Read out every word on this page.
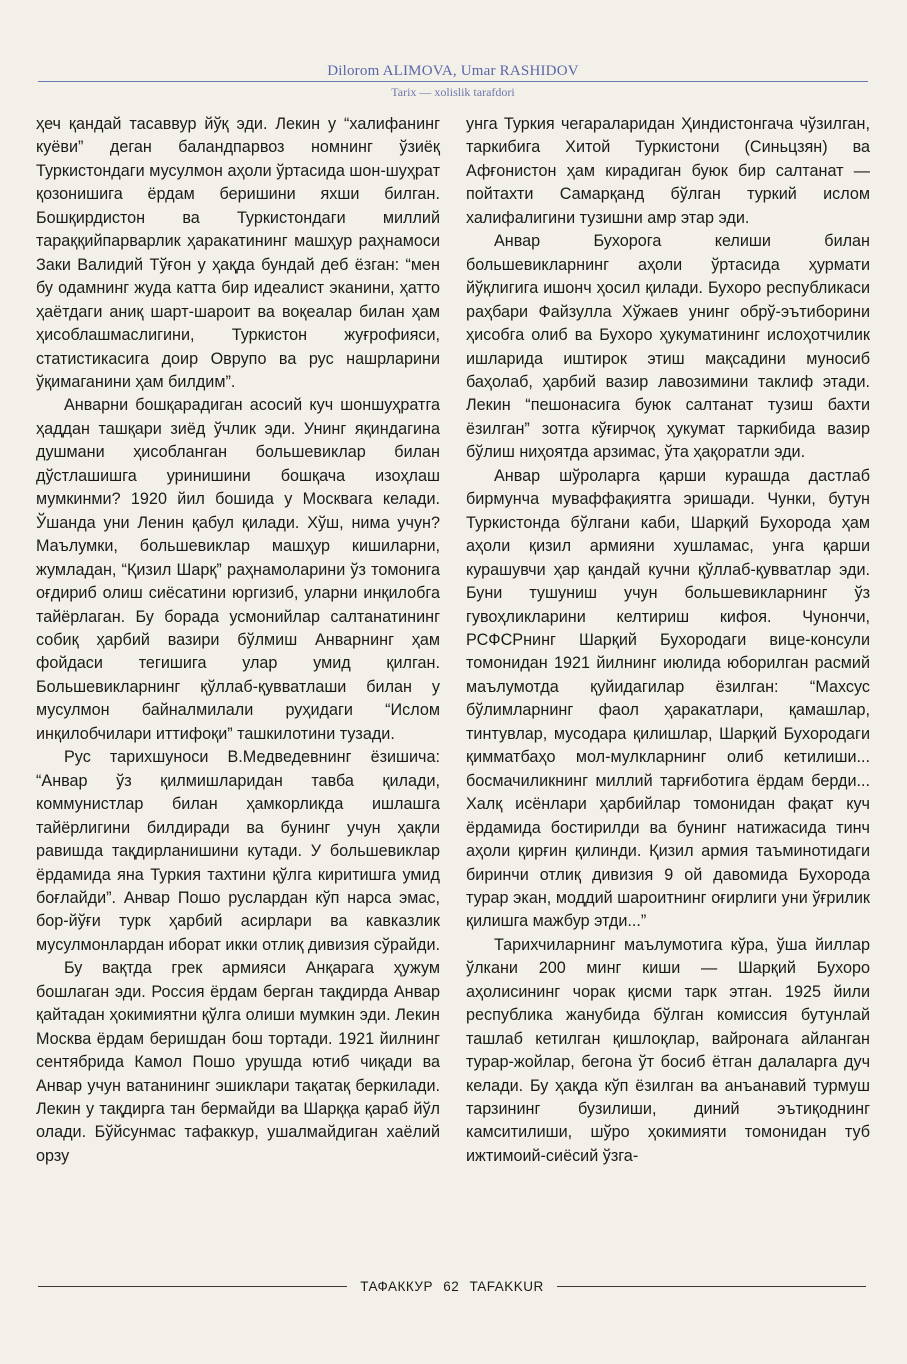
Dilorom ALIMOVA, Umar RASHIDOV
Tarix — xolislik tarafdori

ҳеч қандай тасаввур йўқ эди. Лекин у “халифанинг куёви” деган баландпарвоз номнинг ўзиёқ Туркистондаги мусулмон аҳоли ўртасида шон-шуҳрат қозонишига ёрдам беришини яхши билган. Бошқирдистон ва Туркистондаги миллий тараққийпарварлик ҳаракатининг машҳур раҳнамоси Заки Валидий Тўғон у ҳақда бундай деб ёзган: “мен бу одамнинг жуда катта бир идеалист эканини, ҳатто ҳаётдаги аниқ шарт-шароит ва воқеалар билан ҳам ҳисоблашмаслигини, Туркистон жуғрофияси, статистикасига доир Оврупо ва рус нашрларини ўқимаганини ҳам билдим”.

Анварни бошқарадиган асосий куч шоншуҳратга ҳаддан ташқари зиёд ўчлик эди. Унинг яқиндагина душмани ҳисобланган большевиклар билан дўстлашишга уринишини бошқача изоҳлаш мумкинми? 1920 йил бошида у Москвага келади. Ўшанда уни Ленин қабул қилади. Хўш, нима учун? Маълумки, большевиклар машҳур кишиларни, жумладан, “Қизил Шарқ” раҳнамоларини ўз томонига оғдириб олиш сиёсатини юргизиб, уларни инқилобга тайёрлаган. Бу борада усмонийлар салтанатининг собиқ ҳарбий вазири бўлмиш Анварнинг ҳам фойдаси тегишига улар умид қилган. Большевикларнинг қўллаб-қувватлаши билан у мусулмон байналмилали руҳидаги “Ислом инқилобчилари иттифоқи” ташкилотини тузади.

Рус тарихшуноси В.Медведевнинг ёзишича: “Анвар ўз қилмишларидан тавба қилади, коммунистлар билан ҳамкорликда ишлашга тайёрлигини билдиради ва бунинг учун ҳақли равишда тақдирланишини кутади. У большевиклар ёрдамида яна Туркия тахтини қўлга киритишга умид боғлайди”. Анвар Пошо руслардан кўп нарса эмас, бор-йўғи турк ҳарбий асирлари ва кавказлик мусулмонлардан иборат икки отлиқ дивизия сўрайди.

Бу вақтда грек армияси Анқарага ҳужум бошлаган эди. Россия ёрдам берган тақдирда Анвар қайтадан ҳокимиятни қўлга олиши мумкин эди. Лекин Москва ёрдам беришдан бош тортади. 1921 йилнинг сентябрида Камол Пошо урушда ютиб чиқади ва Анвар учун ватанининг эшиклари тақатақ беркилади. Лекин у тақдирга тан бермайди ва Шарққа қараб йўл олади. Бўйсунмас тафаккур, ушалмайдиган хаёлий орзу

унга Туркия чегараларидан Ҳиндистонгача чўзилган, таркибига Хитой Туркистони (Синьцзян) ва Афғонистон ҳам кирадиган буюк бир салтанат — пойтахти Самарқанд бўлган туркий ислом халифалигини тузишни амр этар эди.

Анвар Бухорога келиши билан большевикларнинг аҳоли ўртасида ҳурмати йўқлигига ишонч ҳосил қилади. Бухоро республикаси раҳбари Файзулла Хўжаев унинг обрў-эътиборини ҳисобга олиб ва Бухоро ҳукуматининг ислоҳотчилик ишларида иштирок этиш мақсадини муносиб баҳолаб, ҳарбий вазир лавозимини таклиф этади. Лекин “пешонасига буюк салтанат тузиш бахти ёзилган” зотга кўғирчоқ ҳукумат таркибида вазир бўлиш ниҳоятда арзимас, ўта ҳақоратли эди.

Анвар шўроларга қарши курашда дастлаб бирмунча муваффақиятга эришади. Чунки, бутун Туркистонда бўлгани каби, Шарқий Бухорода ҳам аҳоли қизил армияни хушламас, унга қарши курашувчи ҳар қандай кучни қўллаб-қувватлар эди. Буни тушуниш учун большевикларнинг ўз гувоҳликларини келтириш кифоя. Чунончи, РСФСРнинг Шарқий Бухородаги вице-консули томонидан 1921 йилнинг июлида юборилган расмий маълумотда қуйидагилар ёзилган: “Махсус бўлимларнинг фаол ҳаракатлари, қамашлар, тинтувлар, мусодара қилишлар, Шарқий Бухородаги қимматбаҳо мол-мулкларнинг олиб кетилиши... босмачиликнинг миллий тарғиботига ёрдам берди... Халқ исёнлари ҳарбийлар томонидан фақат куч ёрдамида бостирилди ва бунинг натижасида тинч аҳоли қирғин қилинди. Қизил армия таъминотидаги биринчи отлиқ дивизия 9 ой давомида Бухорода турар экан, моддий шароитнинг оғирлиги уни ўғрилик қилишга мажбур этди...”

Тарихчиларнинг маълумотига кўра, ўша йиллар ўлкани 200 минг киши — Шарқий Бухоро аҳолисининг чорак қисми тарк этган. 1925 йили республика жанубида бўлган комиссия бутунлай ташлаб кетилган қишлоқлар, вайронага айланган турар-жойлар, бегона ўт босиб ётган далаларга дуч келади. Бу ҳақда кўп ёзилган ва анъанавий турмуш тарзининг бузилиши, диний эътиқоднинг камситилиши, шўро ҳокимияти томонидан туб ижтимоий-сиёсий ўзга-

ТАФАККУР 62 TAFAKKUR
